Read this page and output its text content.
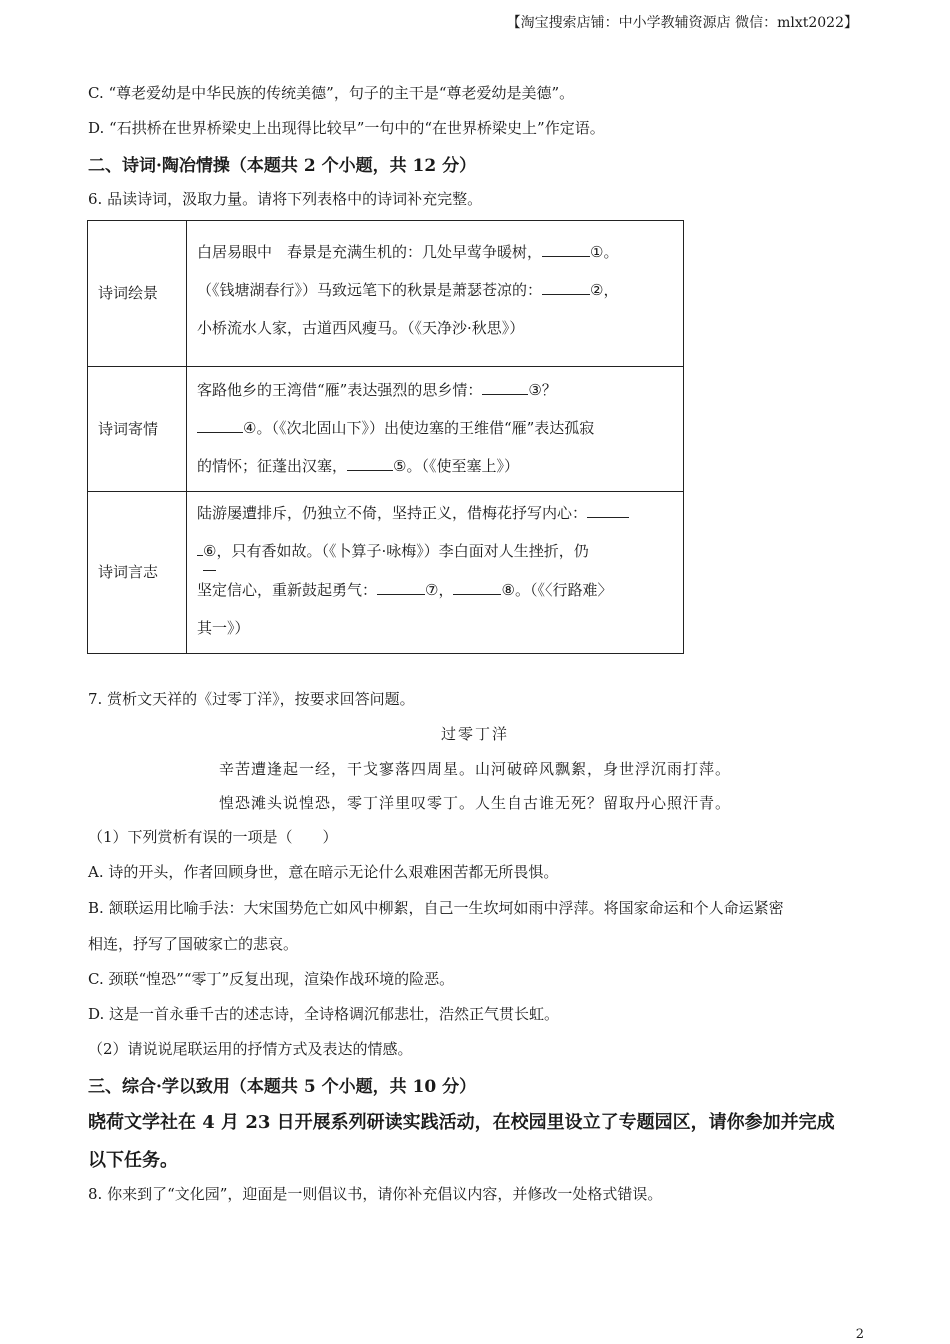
【淘宝搜索店铺：中小学教辅资源店 微信：mlxt2022】
C. “尊老爱幼是中华民族的传统美德”，句子的主干是“尊老爱幼是美德”。
D. “石拱桥在世界桥梁史上出现得比较早”一句中的“在世界桥梁史上”作定语。
二、诗词·陶冶情操（本题共 2 个小题，共 12 分）
6. 品读诗词，汲取力量。请将下列表格中的诗词补充完整。
诗词绘景	白居易眼中　春景是充满生机的：几处早莺争暖树， ①。
（《钱塘湖春行》）马致远笔下的秋景是萧瑟苍凉的： ②，
小桥流水人家，古道西风瘦马。（《天净沙·秋思》）

诗词寄情	客路他乡的王湾借“雁”表达强烈的思乡情： ③？
④。（《次北固山下》）出使边塞的王维借“雁”表达孤寂
的情怀；征蓬出汉塞， ⑤。（《使至塞上》）

诗词言志	陆游屡遭排斥，仍独立不倚，坚持正义，借梅花抒写内心：
⑥，只有香如故。（《卜算子·咏梅》）李白面对人生挫折，仍
坚定信心，重新鼓起勇气： ⑦， ⑧。（《〈行路难〉
其一》）
7. 赏析文天祥的《过零丁洋》，按要求回答问题。
过零丁洋
辛苦遭逢起一经，干戈寥落四周星。山河破碎风飘絮，身世浮沉雨打萍。
惶恐滩头说惶恐，零丁洋里叹零丁。人生自古谁无死？留取丹心照汗青。
（1）下列赏析有误的一项是（　　）
A. 诗的开头，作者回顾身世，意在暗示无论什么艰难困苦都无所畏惧。
B. 颔联运用比喻手法：大宋国势危亡如风中柳絮，自己一生坎坷如雨中浮萍。将国家命运和个人命运紧密
相连，抒写了国破家亡的悲哀。
C. 颈联“惶恐”“零丁”反复出现，渲染作战环境的险恶。
D. 这是一首永垂千古的述志诗，全诗格调沉郁悲壮，浩然正气贯长虹。
（2）请说说尾联运用的抒情方式及表达的情感。
三、综合·学以致用（本题共 5 个小题，共 10 分）
晓荷文学社在 4 月 23 日开展系列研读实践活动，在校园里设立了专题园区，请你参加并完成
以下任务。
8. 你来到了“文化园”，迎面是一则倡议书，请你补充倡议内容，并修改一处格式错误。
2
